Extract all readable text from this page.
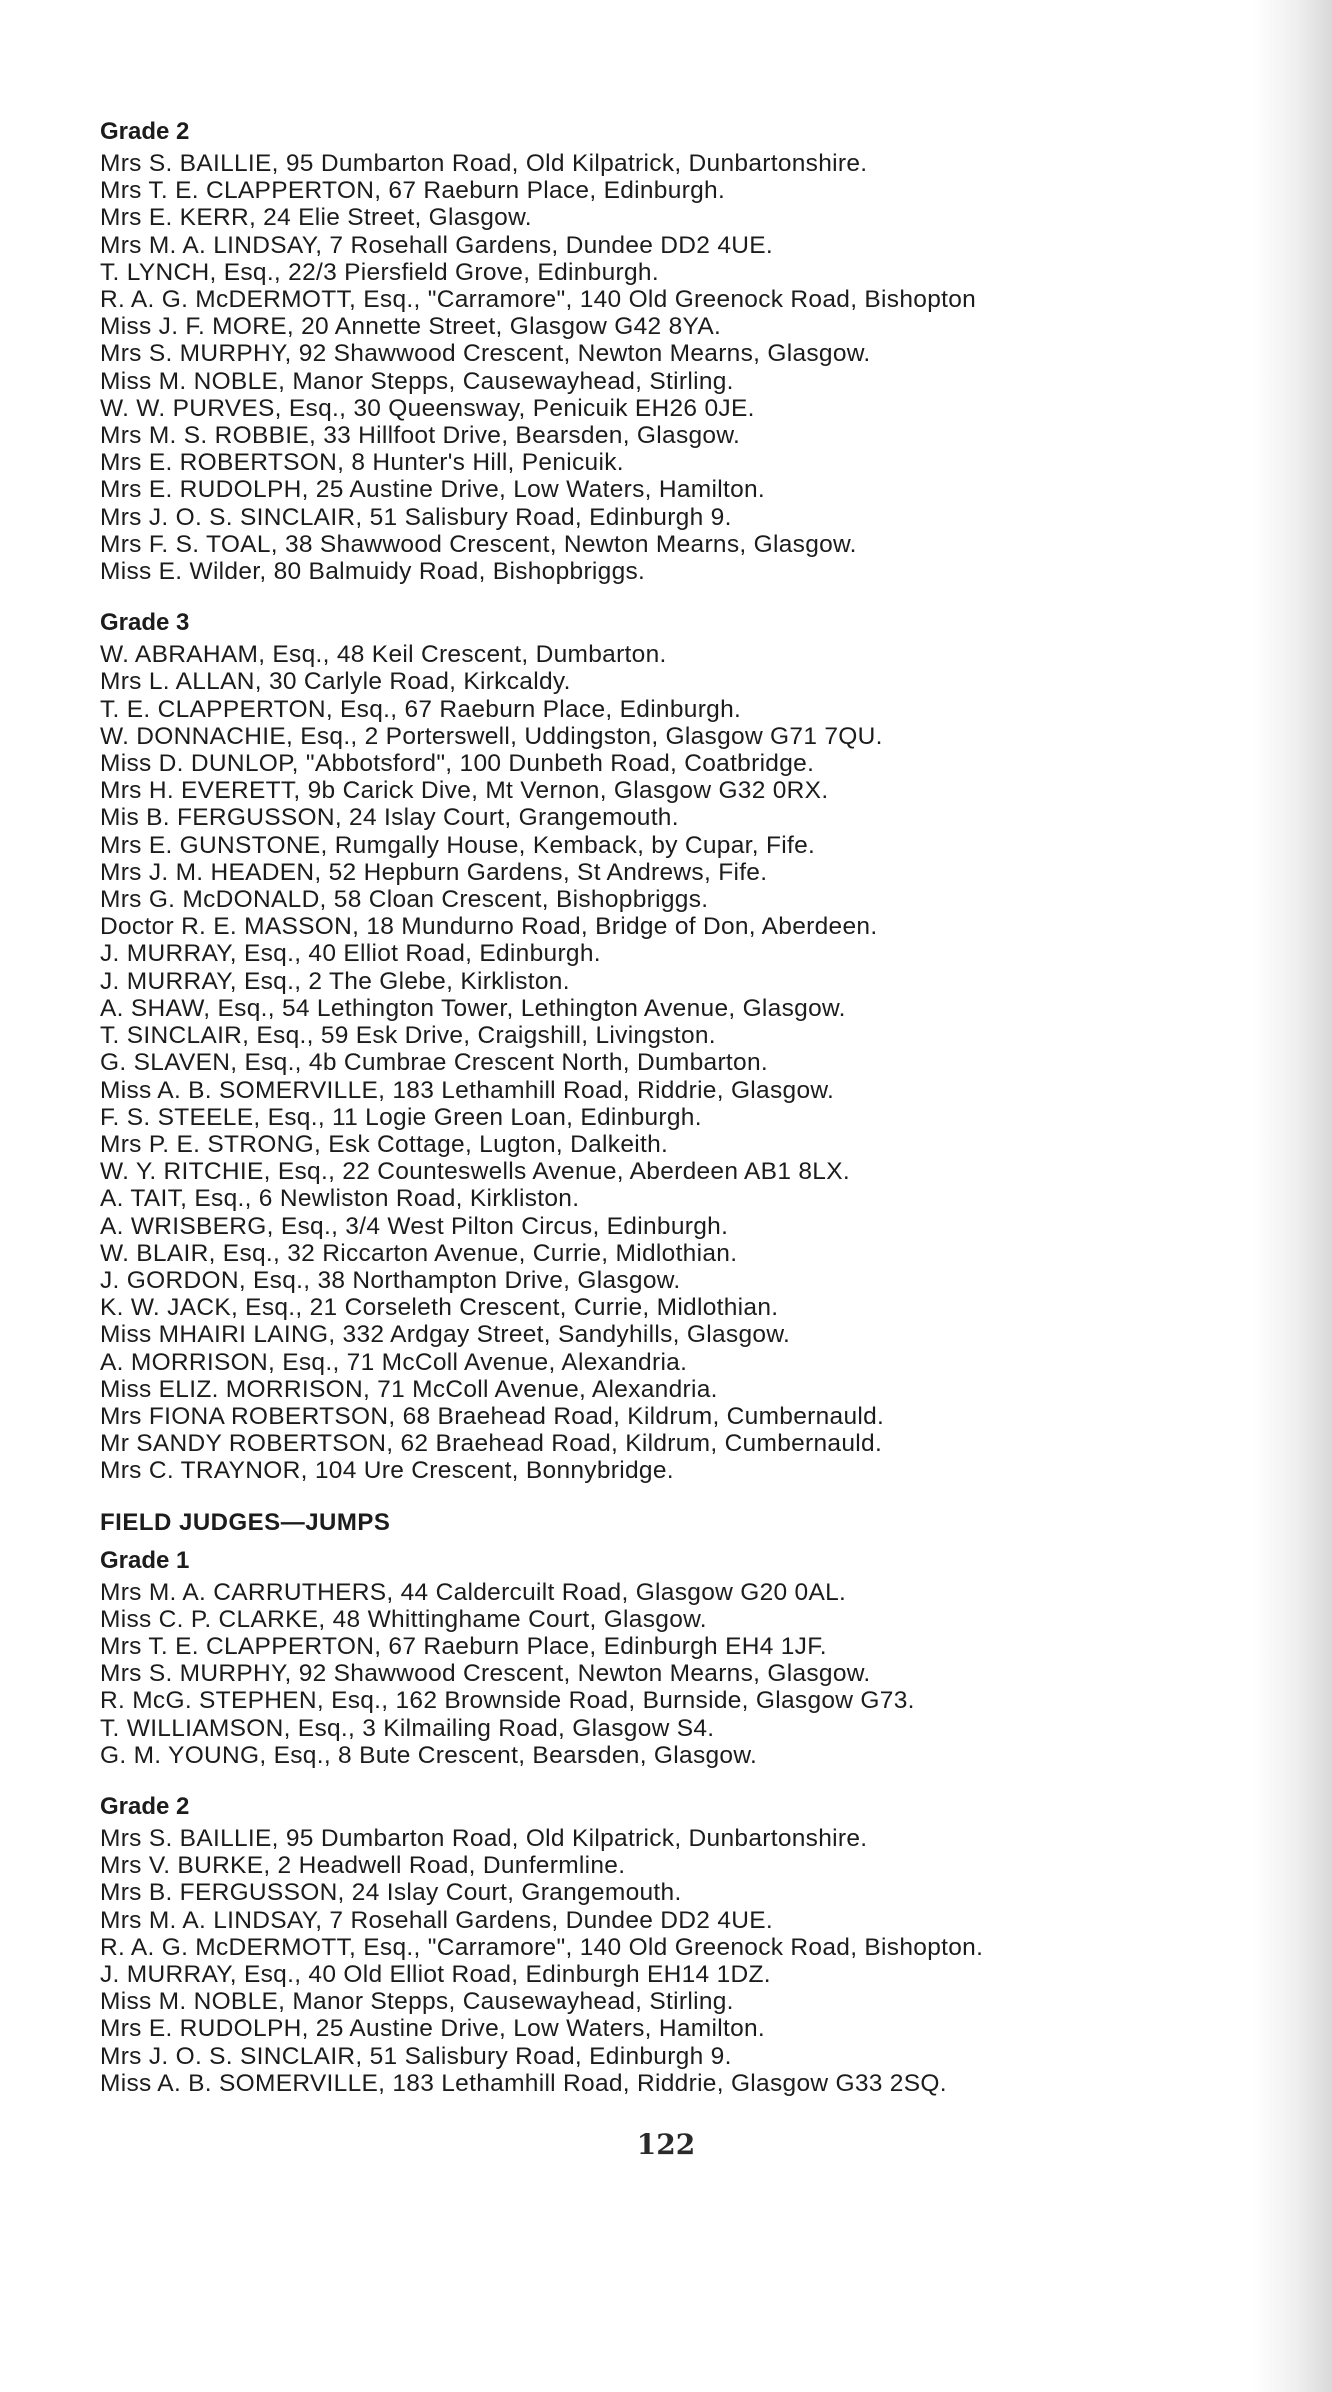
Grade 2
Mrs S. BAILLIE, 95 Dumbarton Road, Old Kilpatrick, Dunbartonshire.
Mrs T. E. CLAPPERTON, 67 Raeburn Place, Edinburgh.
Mrs E. KERR, 24 Elie Street, Glasgow.
Mrs M. A. LINDSAY, 7 Rosehall Gardens, Dundee DD2 4UE.
T. LYNCH, Esq., 22/3 Piersfield Grove, Edinburgh.
R. A. G. McDERMOTT, Esq., "Carramore", 140 Old Greenock Road, Bishopton
Miss J. F. MORE, 20 Annette Street, Glasgow G42 8YA.
Mrs S. MURPHY, 92 Shawwood Crescent, Newton Mearns, Glasgow.
Miss M. NOBLE, Manor Stepps, Causewayhead, Stirling.
W. W. PURVES, Esq., 30 Queensway, Penicuik EH26 0JE.
Mrs M. S. ROBBIE, 33 Hillfoot Drive, Bearsden, Glasgow.
Mrs E. ROBERTSON, 8 Hunter's Hill, Penicuik.
Mrs E. RUDOLPH, 25 Austine Drive, Low Waters, Hamilton.
Mrs J. O. S. SINCLAIR, 51 Salisbury Road, Edinburgh 9.
Mrs F. S. TOAL, 38 Shawwood Crescent, Newton Mearns, Glasgow.
Miss E. Wilder, 80 Balmuidy Road, Bishopbriggs.
Grade 3
W. ABRAHAM, Esq., 48 Keil Crescent, Dumbarton.
Mrs L. ALLAN, 30 Carlyle Road, Kirkcaldy.
T. E. CLAPPERTON, Esq., 67 Raeburn Place, Edinburgh.
W. DONNACHIE, Esq., 2 Porterswell, Uddingston, Glasgow G71 7QU.
Miss D. DUNLOP, "Abbotsford", 100 Dunbeth Road, Coatbridge.
Mrs H. EVERETT, 9b Carick Dive, Mt Vernon, Glasgow G32 0RX.
Mis B. FERGUSSON, 24 Islay Court, Grangemouth.
Mrs E. GUNSTONE, Rumgally House, Kemback, by Cupar, Fife.
Mrs J. M. HEADEN, 52 Hepburn Gardens, St Andrews, Fife.
Mrs G. McDONALD, 58 Cloan Crescent, Bishopbriggs.
Doctor R. E. MASSON, 18 Mundurno Road, Bridge of Don, Aberdeen.
J. MURRAY, Esq., 40 Elliot Road, Edinburgh.
J. MURRAY, Esq., 2 The Glebe, Kirkliston.
A. SHAW, Esq., 54 Lethington Tower, Lethington Avenue, Glasgow.
T. SINCLAIR, Esq., 59 Esk Drive, Craigshill, Livingston.
G. SLAVEN, Esq., 4b Cumbrae Crescent North, Dumbarton.
Miss A. B. SOMERVILLE, 183 Lethamhill Road, Riddrie, Glasgow.
F. S. STEELE, Esq., 11 Logie Green Loan, Edinburgh.
Mrs P. E. STRONG, Esk Cottage, Lugton, Dalkeith.
W. Y. RITCHIE, Esq., 22 Counteswells Avenue, Aberdeen AB1 8LX.
A. TAIT, Esq., 6 Newliston Road, Kirkliston.
A. WRISBERG, Esq., 3/4 West Pilton Circus, Edinburgh.
W. BLAIR, Esq., 32 Riccarton Avenue, Currie, Midlothian.
J. GORDON, Esq., 38 Northampton Drive, Glasgow.
K. W. JACK, Esq., 21 Corseleth Crescent, Currie, Midlothian.
Miss MHAIRI LAING, 332 Ardgay Street, Sandyhills, Glasgow.
A. MORRISON, Esq., 71 McColl Avenue, Alexandria.
Miss ELIZ. MORRISON, 71 McColl Avenue, Alexandria.
Mrs FIONA ROBERTSON, 68 Braehead Road, Kildrum, Cumbernauld.
Mr SANDY ROBERTSON, 62 Braehead Road, Kildrum, Cumbernauld.
Mrs C. TRAYNOR, 104 Ure Crescent, Bonnybridge.
FIELD JUDGES—JUMPS
Grade 1
Mrs M. A. CARRUTHERS, 44 Caldercuilt Road, Glasgow G20 0AL.
Miss C. P. CLARKE, 48 Whittinghame Court, Glasgow.
Mrs T. E. CLAPPERTON, 67 Raeburn Place, Edinburgh EH4 1JF.
Mrs S. MURPHY, 92 Shawwood Crescent, Newton Mearns, Glasgow.
R. McG. STEPHEN, Esq., 162 Brownside Road, Burnside, Glasgow G73.
T. WILLIAMSON, Esq., 3 Kilmailing Road, Glasgow S4.
G. M. YOUNG, Esq., 8 Bute Crescent, Bearsden, Glasgow.
Grade 2
Mrs S. BAILLIE, 95 Dumbarton Road, Old Kilpatrick, Dunbartonshire.
Mrs V. BURKE, 2 Headwell Road, Dunfermline.
Mrs B. FERGUSSON, 24 Islay Court, Grangemouth.
Mrs M. A. LINDSAY, 7 Rosehall Gardens, Dundee DD2 4UE.
R. A. G. McDERMOTT, Esq., "Carramore", 140 Old Greenock Road, Bishopton.
J. MURRAY, Esq., 40 Old Elliot Road, Edinburgh EH14 1DZ.
Miss M. NOBLE, Manor Stepps, Causewayhead, Stirling.
Mrs E. RUDOLPH, 25 Austine Drive, Low Waters, Hamilton.
Mrs J. O. S. SINCLAIR, 51 Salisbury Road, Edinburgh 9.
Miss A. B. SOMERVILLE, 183 Lethamhill Road, Riddrie, Glasgow G33 2SQ.
122
